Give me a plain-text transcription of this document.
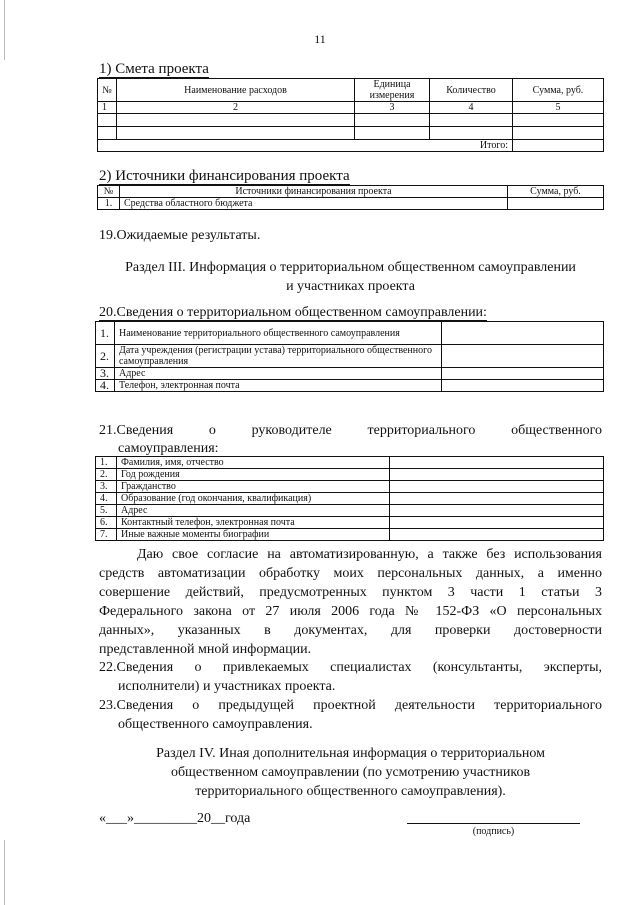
11
1) Смета проекта
№	Наименование расходов	Единица измерения	Количество	Сумма, руб.
1	2	3	4	5

Итого:				
2) Источники финансирования проекта
№	Источники финансирования проекта	Сумма, руб.
1.	Средства областного бюджета	
19.Ожидаемые результаты.
Раздел III. Информация о территориальном общественном самоуправлении
и участниках проекта
20.Сведения о территориальном общественном самоуправлении:
1.	Наименование территориального общественного самоуправления	
2.	Дата учреждения (регистрации устава) территориального общественного самоуправления	
3.	Адрес	
4.	Телефон, электронная почта	
21.Сведения о руководителе территориального общественного
самоуправления:
1.	Фамилия, имя, отчество	
2.	Год рождения	
3.	Гражданство	
4.	Образование (год окончания, квалификация)	
5.	Адрес	
6.	Контактный телефон, электронная почта	
7.	Иные важные моменты биографии	
Даю свое согласие на автоматизированную, а также без использования
средств автоматизации обработку моих персональных данных, а именно
совершение действий, предусмотренных пунктом 3 части 1 статьи 3
Федерального закона от 27 июля 2006 года № 152-ФЗ «О персональных
данных», указанных в документах, для проверки достоверности
представленной мной информации.
22.Сведения о привлекаемых специалистах (консультанты, эксперты,
исполнители) и участниках проекта.
23.Сведения о предыдущей проектной деятельности территориального
общественного самоуправления.
Раздел IV. Иная дополнительная информация о территориальном
общественном самоуправлении (по усмотрению участников
территориального общественного самоуправления).
«___»_________20__года
(подпись)
